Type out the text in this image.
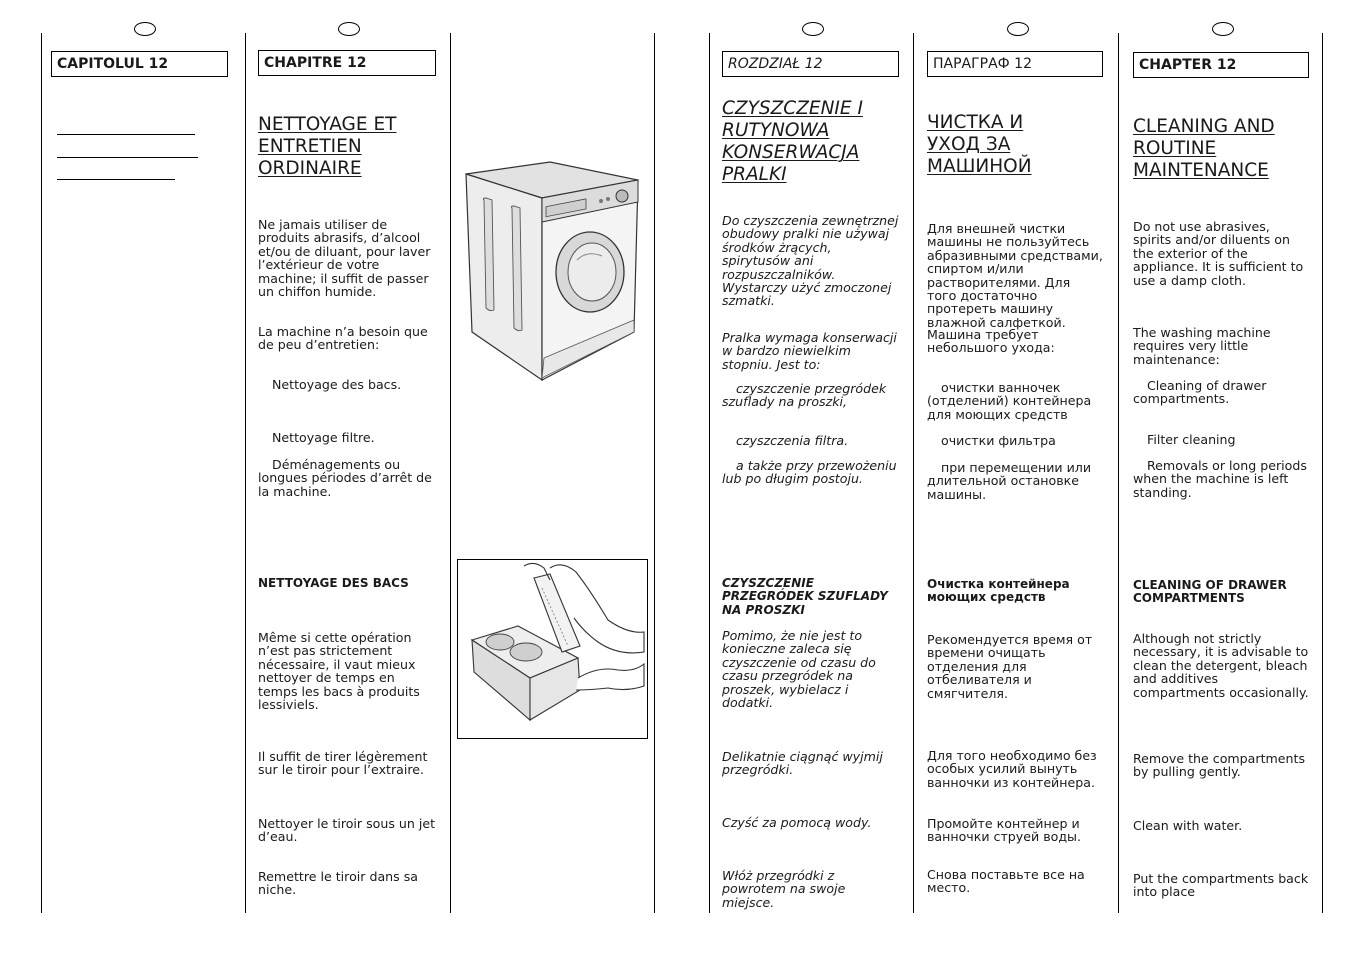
CAPITOLUL 12	CHAPITRE 12
NETTOYAGE ET ENTRETIEN ORDINAIRE
Ne jamais utiliser de produits abrasifs, d’alcool et/ou de diluant, pour laver l’extérieur de votre machine; il suffit de passer un chiffon humide.
La machine n’a besoin que de peu d’entretien:
Nettoyage des bacs.
Nettoyage filtre.
Déménagements ou longues périodes d’arrêt de la machine.
NETTOYAGE DES BACS
Même si cette opération n’est pas strictement nécessaire, il vaut mieux nettoyer de temps en temps les bacs à produits lessiviels.
Il suffit de tirer légèrement sur le tiroir pour l’extraire.
Nettoyer le tiroir sous un jet d’eau.
Remettre le tiroir dans sa niche.
ROZDZIAŁ 12
CZYSZCZENIE I RUTYNOWA KONSERWACJA PRALKI
Do czyszczenia zewnętrznej obudowy pralki nie używaj środków żrących, spirytusów ani rozpuszczalników. Wystarczy użyć zmoczonej szmatki.
Pralka wymaga konserwacji w bardzo niewielkim stopniu. Jest to:
czyszczenie przegródek szuflady na proszki,
czyszczenia filtra.
a także przy przewożeniu lub po długim postoju.
CZYSZCZENIE PRZEGRÓDEK SZUFLADY NA PROSZKI
Pomimo, że nie jest to konieczne zaleca się czyszczenie od czasu do czasu przegródek na proszek, wybielacz i dodatki.
Delikatnie ciągnąć wyjmij przegródki.
Czyść za pomocą wody.
Włóż przegródki z powrotem na swoje miejsce.
ПАРАГРАФ 12
ЧИСТКА И УХОД ЗА МАШИНОЙ
Для внешней чистки машины не пользуйтесь абразивными средствами, спиртом и/или растворителями. Для того достаточно протереть машину влажной салфеткой.
Машина требует небольшого ухода:
очистки ванночек (отделений) контейнера для моющих средств
очистки фильтра
при перемещении или длительной остановке машины.
Очистка контейнера моющих средств
Рекомендуется время от времени очищать отделения для отбеливателя и смягчителя.
Для того необходимо без особых усилий вынуть ванночки из контейнера.
Промойте контейнер и ванночки струей воды.
Снова поставьте все на место.
CHAPTER 12
CLEANING AND ROUTINE MAINTENANCE
Do not use abrasives, spirits and/or diluents on the exterior of the appliance. It is sufficient to use a damp cloth.
The washing machine requires very little maintenance:
Cleaning of drawer compartments.
Filter cleaning
Removals or long periods when the machine is left standing.
CLEANING OF DRAWER COMPARTMENTS
Although not strictly necessary, it is advisable to clean the detergent, bleach and additives compartments occasionally.
Remove the compartments by pulling gently.
Clean with water.
Put the compartments back into place
